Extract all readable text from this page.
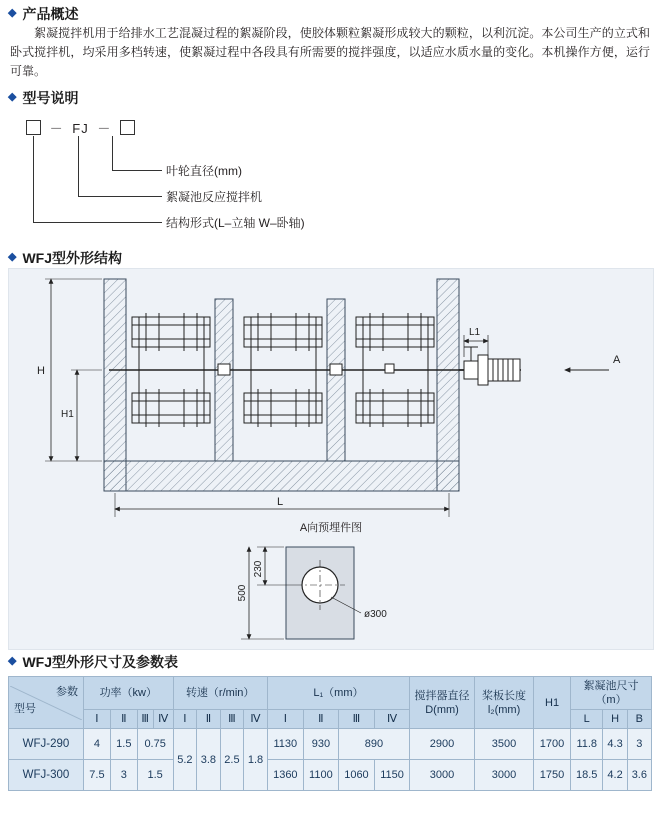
◆ 产品概述
絮凝搅拌机用于给排水工艺混凝过程的絮凝阶段，使胶体颗粒絮凝形成较大的颗粒，以利沉淀。本公司生产的立式和卧式搅拌机，均采用多档转速，使絮凝过程中各段具有所需要的搅拌强度，以适应水质水量的变化。本机操作方便，运行可靠。
◆ 型号说明
－ FJ －
叶轮直径(mm)
絮凝池反应搅拌机
结构形式(L–立轴 W–卧轴)
◆ WFJ型外形结构
L1
A
H
H1
L
A向预埋件图
230
500
ø300
◆ WFJ型外形尺寸及参数表
参数
型号	功率（kw）				转速（r/min）				L₁（mm）				搅拌器直径D(mm)	桨板长度l₂(mm)	H1	絮凝池尺寸（m）		
	Ⅰ	Ⅱ	Ⅲ	Ⅳ	Ⅰ	Ⅱ	Ⅲ	Ⅳ	Ⅰ	Ⅱ	Ⅲ	Ⅳ				L	H	B
WFJ-290	4	1.5	0.75		5.2	3.8	2.5	1.8	1130	930	890		2900	3500	1700	11.8	4.3	3
WFJ-300	7.5	3	1.5						1360	1100	1060	1150	3000	3000	1750	18.5	4.2	3.6
